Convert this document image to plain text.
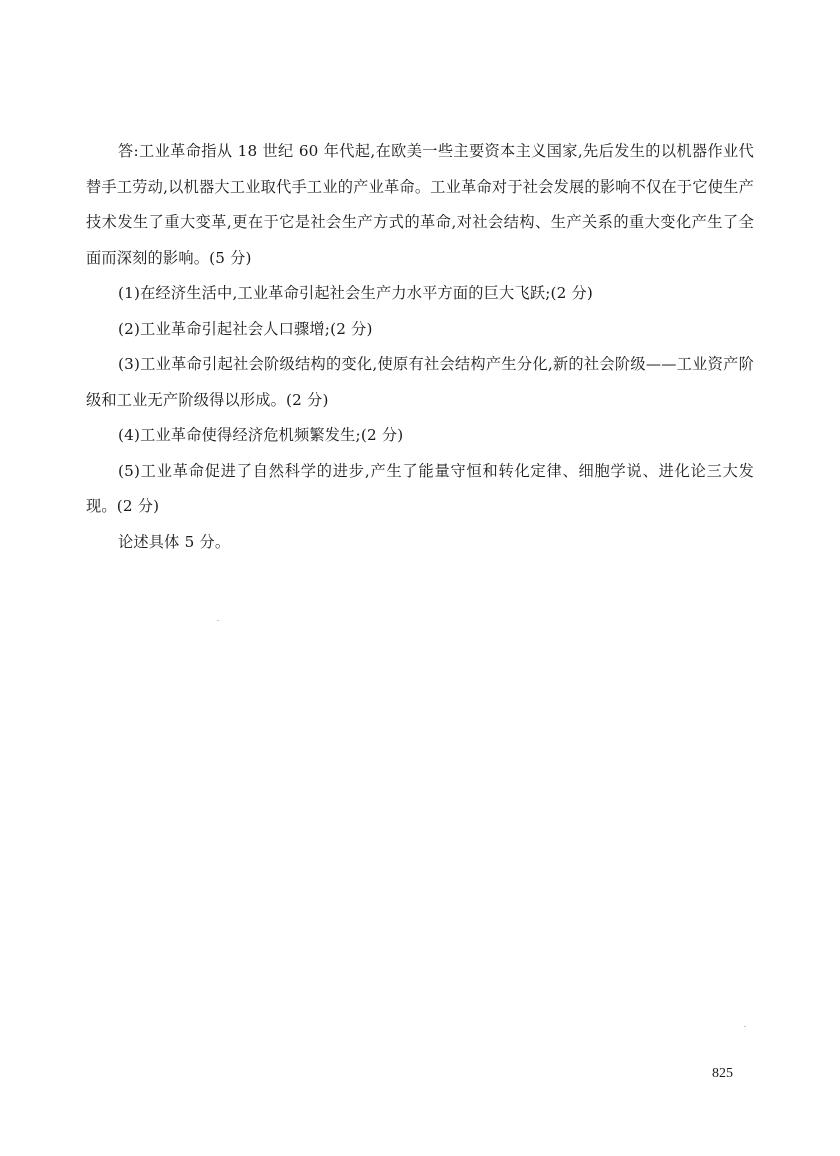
答:工业革命指从 18 世纪 60 年代起,在欧美一些主要资本主义国家,先后发生的以机器作业代替手工劳动,以机器大工业取代手工业的产业革命。工业革命对于社会发展的影响不仅在于它使生产技术发生了重大变革,更在于它是社会生产方式的革命,对社会结构、生产关系的重大变化产生了全面而深刻的影响。(5 分)

(1)在经济生活中,工业革命引起社会生产力水平方面的巨大飞跃;(2 分)

(2)工业革命引起社会人口骤增;(2 分)

(3)工业革命引起社会阶级结构的变化,使原有社会结构产生分化,新的社会阶级——工业资产阶级和工业无产阶级得以形成。(2 分)

(4)工业革命使得经济危机频繁发生;(2 分)

(5)工业革命促进了自然科学的进步,产生了能量守恒和转化定律、细胞学说、进化论三大发现。(2 分)

论述具体 5 分。

825
